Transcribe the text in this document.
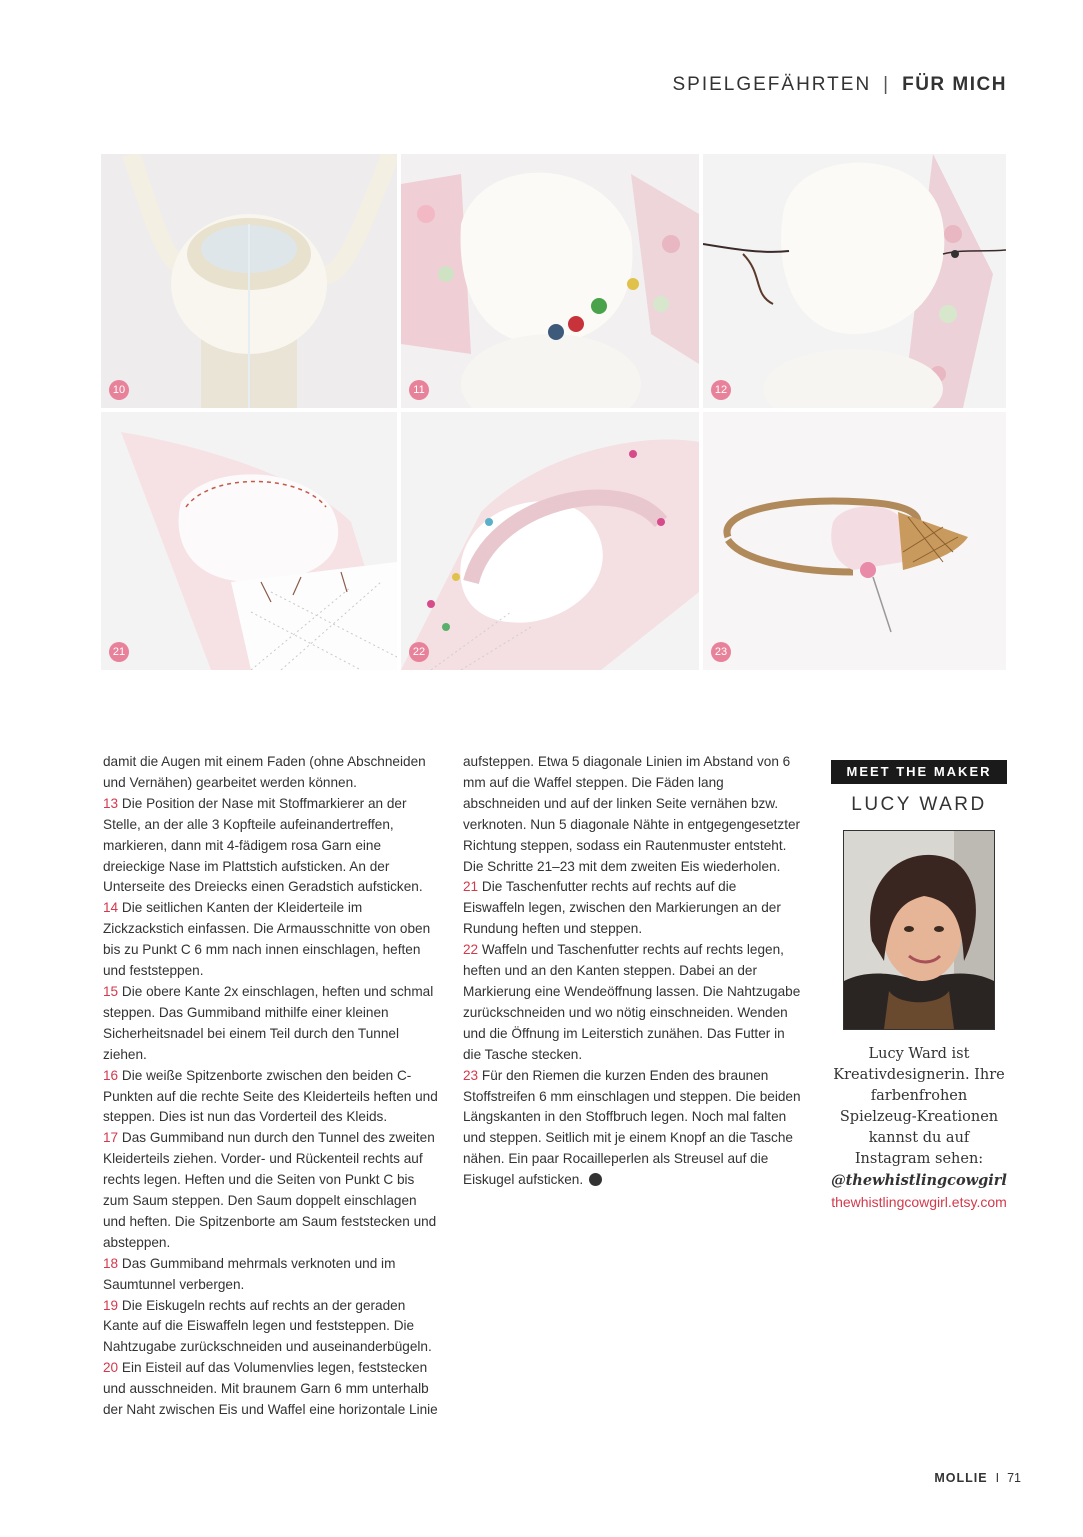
SPIELGEFÄHRTEN | FÜR MICH
10	11	12
21	22	23

damit die Augen mit einem Faden (ohne Abschneiden und Vernähen) gearbeitet werden können.

13 Die Position der Nase mit Stoffmarkierer an der Stelle, an der alle 3 Kopfteile aufeinandertreffen, markieren, dann mit 4-fädigem rosa Garn eine dreieckige Nase im Plattstich aufsticken. An der Unterseite des Dreiecks einen Geradstich aufsticken.

14 Die seitlichen Kanten der Kleiderteile im Zickzackstich einfassen. Die Armausschnitte von oben bis zu Punkt C 6 mm nach innen einschlagen, heften und feststeppen.

15 Die obere Kante 2x einschlagen, heften und schmal steppen. Das Gummiband mithilfe einer kleinen Sicherheitsnadel bei einem Teil durch den Tunnel ziehen.

16 Die weiße Spitzenborte zwischen den beiden C-Punkten auf die rechte Seite des Kleiderteils heften und steppen. Dies ist nun das Vorderteil des Kleids.

17 Das Gummiband nun durch den Tunnel des zweiten Kleiderteils ziehen. Vorder- und Rückenteil rechts auf rechts legen. Heften und die Seiten von Punkt C bis zum Saum steppen. Den Saum doppelt einschlagen und heften. Die Spitzenborte am Saum feststecken und absteppen.

18 Das Gummiband mehrmals verknoten und im Saumtunnel verbergen.

19 Die Eiskugeln rechts auf rechts an der geraden Kante auf die Eiswaffeln legen und feststeppen. Die Nahtzugabe zurückschneiden und auseinanderbügeln.

20 Ein Eisteil auf das Volumenvlies legen, feststecken und ausschneiden. Mit braunem Garn 6 mm unterhalb der Naht zwischen Eis und Waffel eine horizontale Linie

aufsteppen. Etwa 5 diagonale Linien im Abstand von 6 mm auf die Waffel steppen. Die Fäden lang abschneiden und auf der linken Seite vernähen bzw. verknoten. Nun 5 diagonale Nähte in entgegengesetzter Richtung steppen, sodass ein Rautenmuster entsteht. Die Schritte 21–23 mit dem zweiten Eis wiederholen.

21 Die Taschenfutter rechts auf rechts auf die Eiswaffeln legen, zwischen den Markierungen an der Rundung heften und steppen.

22 Waffeln und Taschenfutter rechts auf rechts legen, heften und an den Kanten steppen. Dabei an der Markierung eine Wendeöffnung lassen. Die Nahtzugabe zurückschneiden und wo nötig einschneiden. Wenden und die Öffnung im Leiterstich zunähen. Das Futter in die Tasche stecken.

23 Für den Riemen die kurzen Enden des braunen Stoffstreifen 6 mm einschlagen und steppen. Die beiden Längskanten in den Stoffbruch legen. Noch mal falten und steppen. Seitlich mit je einem Knopf an die Tasche nähen. Ein paar Rocailleperlen als Streusel auf die Eiskugel aufsticken.

MEET THE MAKER
LUCY WARD
Lucy Ward ist Kreativdesignerin. Ihre farbenfrohen Spielzeug-Kreationen kannst du auf Instagram sehen:
@thewhistlingcowgirl
thewhistlingcowgirl.etsy.com
MOLLIE I 71
